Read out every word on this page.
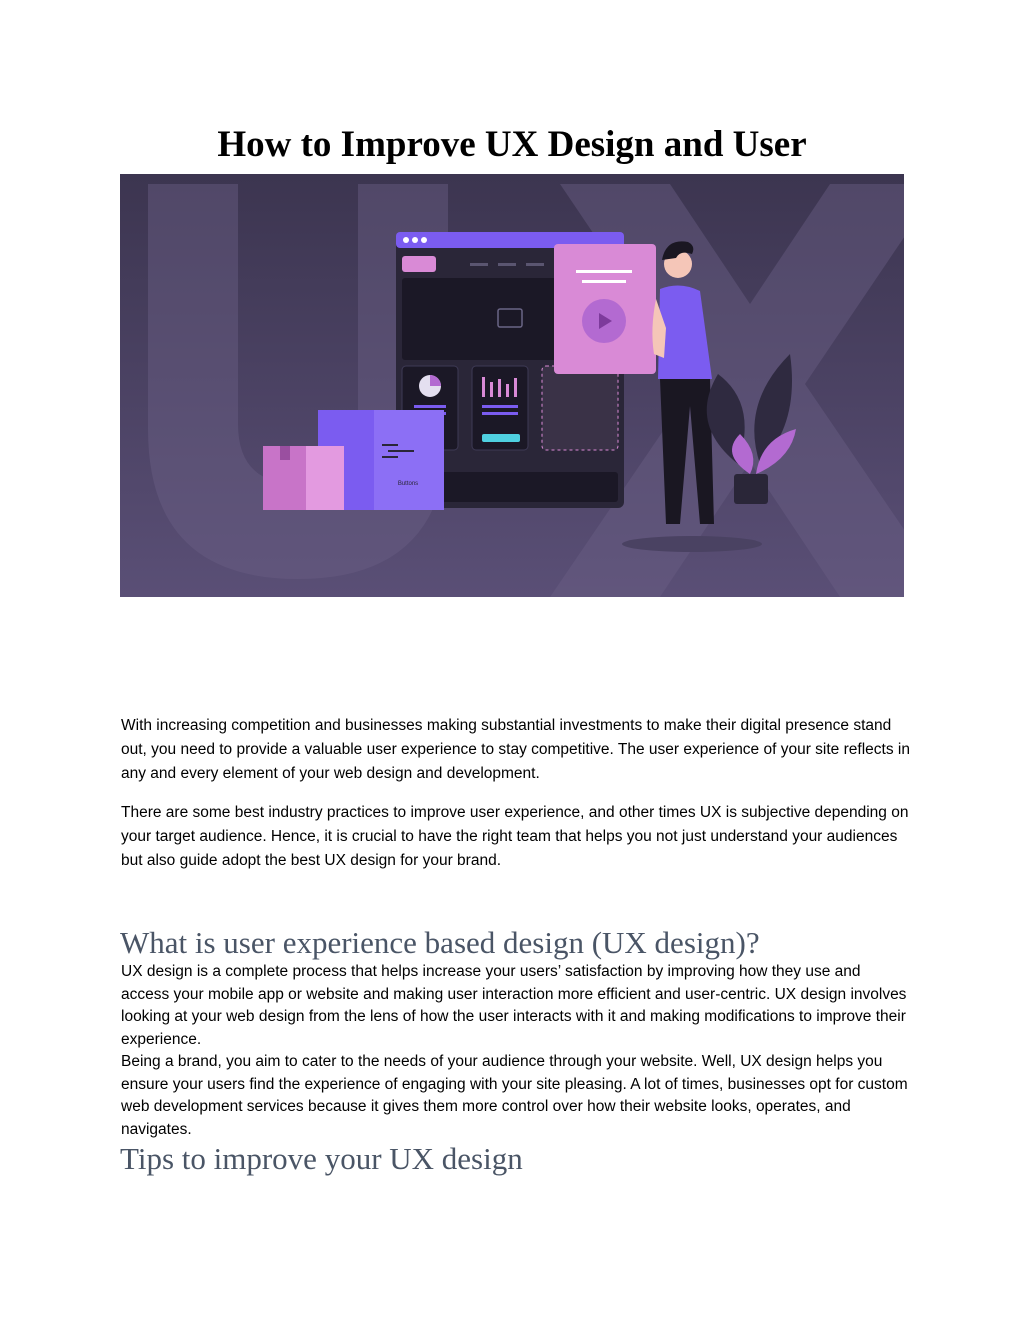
How to Improve UX Design and User
Buttons

With increasing competition and businesses making substantial investments to make their digital presence stand out, you need to provide a valuable user experience to stay competitive. The user experience of your site reflects in any and every element of your web design and development.

There are some best industry practices to improve user experience, and other times UX is subjective depending on your target audience. Hence, it is crucial to have the right team that helps you not just understand your audiences but also guide adopt the best UX design for your brand.

What is user experience based design (UX design)?

UX design is a complete process that helps increase your users’ satisfaction by improving how they use and access your mobile app or website and making user interaction more efficient and user-centric. UX design involves looking at your web design from the lens of how the user interacts with it and making modifications to improve their experience.

Being a brand, you aim to cater to the needs of your audience through your website. Well, UX design helps you ensure your users find the experience of engaging with your site pleasing. A lot of times, businesses opt for custom web development services because it gives them more control over how their website looks, operates, and navigates.

Tips to improve your UX design
